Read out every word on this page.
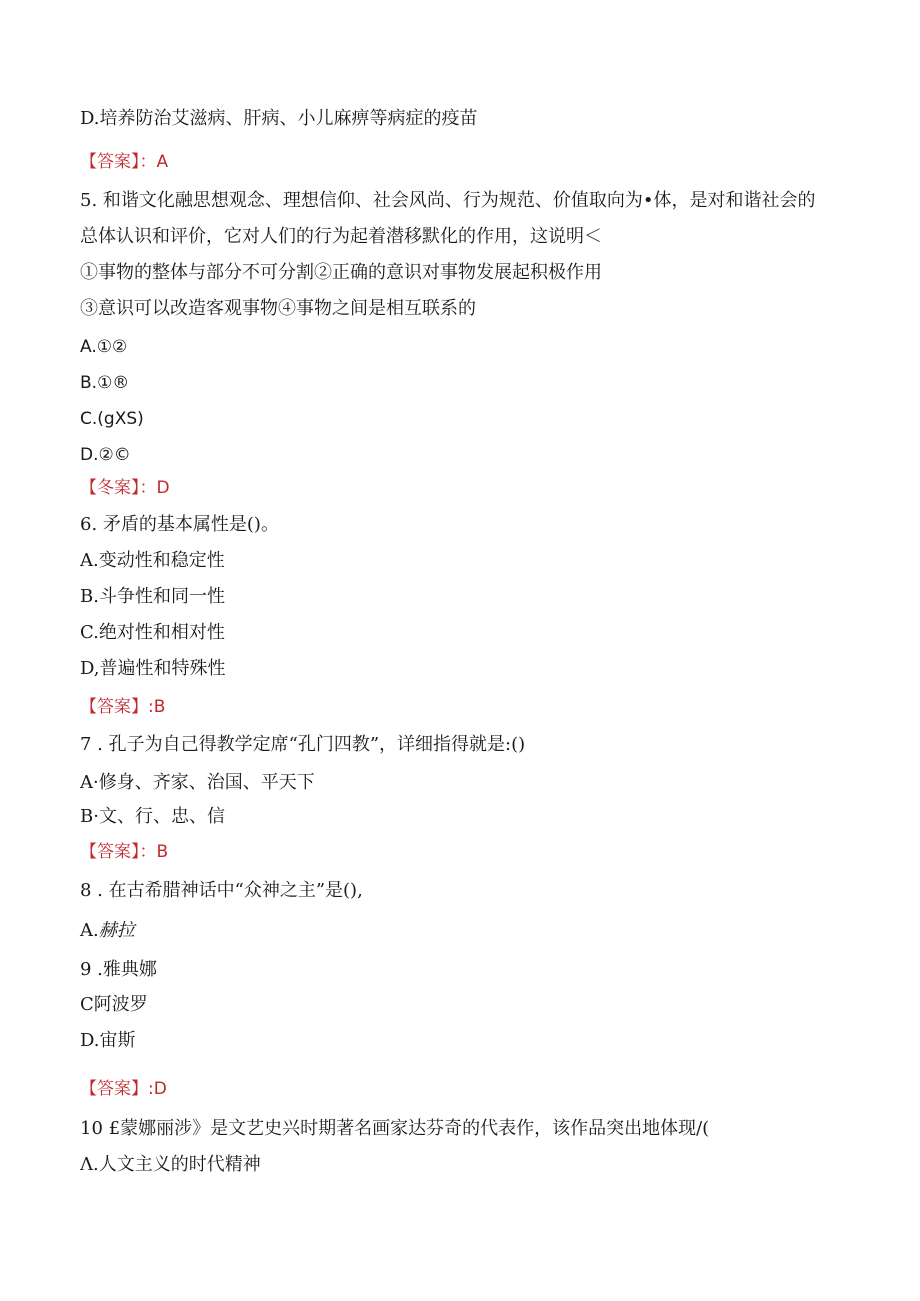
D.培养防治艾滋病、肝病、小儿麻痹等病症的疫苗
【答案】：A
5. 和谐文化融思想观念、理想信仰、社会风尚、行为规范、价值取向为•体，是对和谐社会的
总体认识和评价，它对人们的行为起着潜移默化的作用，这说明＜
①事物的整体与部分不可分割②正确的意识对事物发展起积极作用
③意识可以改造客观事物④事物之间是相互联系的
A.①②
B.①®
C.(gXS)
D.②©
【冬案】：D
6. 矛盾的基本属性是()。
A.变动性和稳定性
B.斗争性和同一性
C.绝对性和相对性
D,普遍性和特殊性
【答案】:B
7 . 孔子为自己得教学定席“孔门四教”，详细指得就是:()
A·修身、齐家、治国、平天下
B·文、行、忠、信
【答案】：B
8 . 在古希腊神话中“众神之主”是(),
A.赫拉
9 .雅典娜
C阿波罗
D.宙斯
【答案】:D
10 £蒙娜丽涉》是文艺史兴时期著名画家达芬奇的代表作，该作品突出地体现/(
Λ.人文主义的时代精神
